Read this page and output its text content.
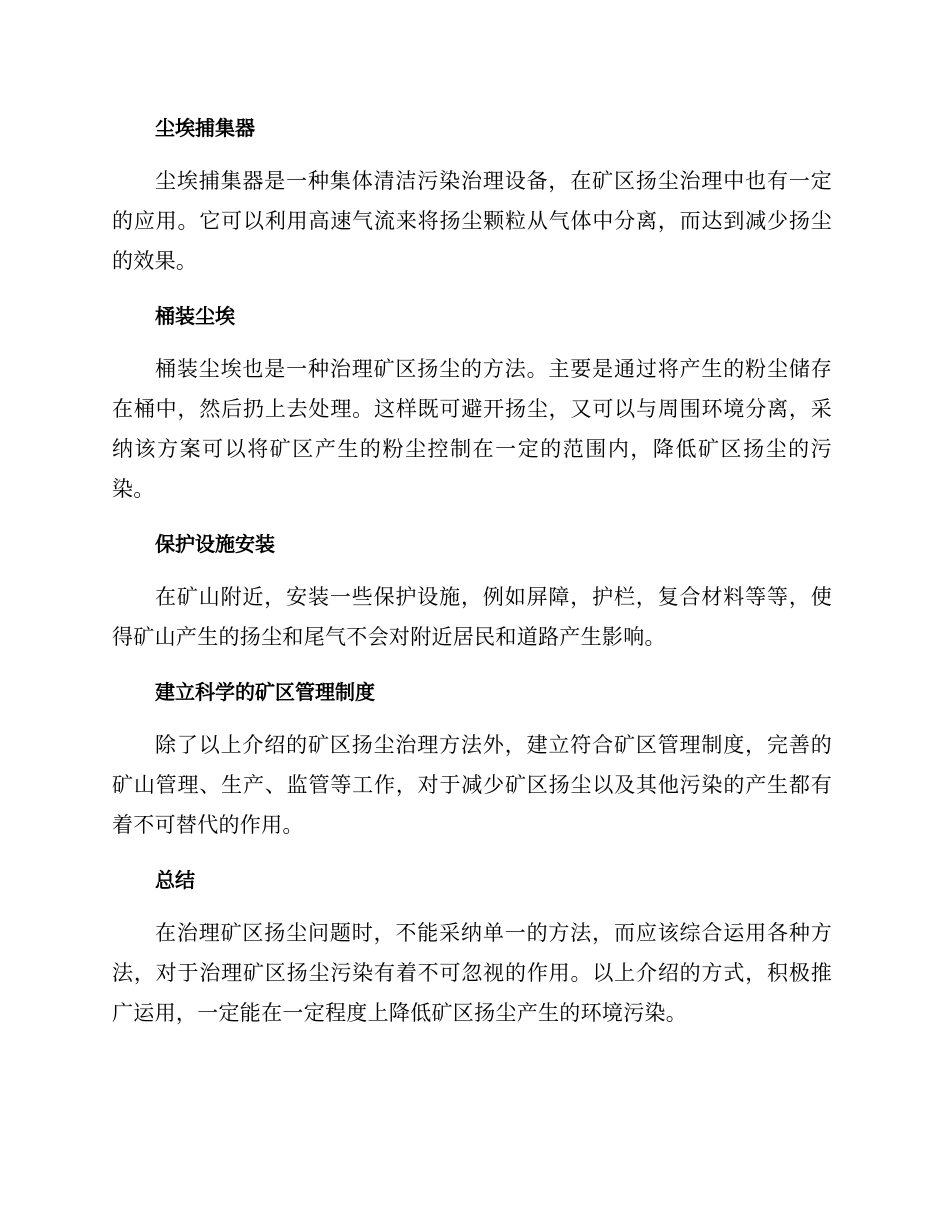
尘埃捕集器

尘埃捕集器是一种集体清洁污染治理设备，在矿区扬尘治理中也有一定的应用。它可以利用高速气流来将扬尘颗粒从气体中分离，而达到减少扬尘的效果。

桶装尘埃

桶装尘埃也是一种治理矿区扬尘的方法。主要是通过将产生的粉尘储存在桶中，然后扔上去处理。这样既可避开扬尘，又可以与周围环境分离，采纳该方案可以将矿区产生的粉尘控制在一定的范围内，降低矿区扬尘的污染。

保护设施安装

在矿山附近，安装一些保护设施，例如屏障，护栏，复合材料等等，使得矿山产生的扬尘和尾气不会对附近居民和道路产生影响。

建立科学的矿区管理制度

除了以上介绍的矿区扬尘治理方法外，建立符合矿区管理制度，完善的矿山管理、生产、监管等工作，对于减少矿区扬尘以及其他污染的产生都有着不可替代的作用。

总结

在治理矿区扬尘问题时，不能采纳单一的方法，而应该综合运用各种方法，对于治理矿区扬尘污染有着不可忽视的作用。以上介绍的方式，积极推广运用，一定能在一定程度上降低矿区扬尘产生的环境污染。
